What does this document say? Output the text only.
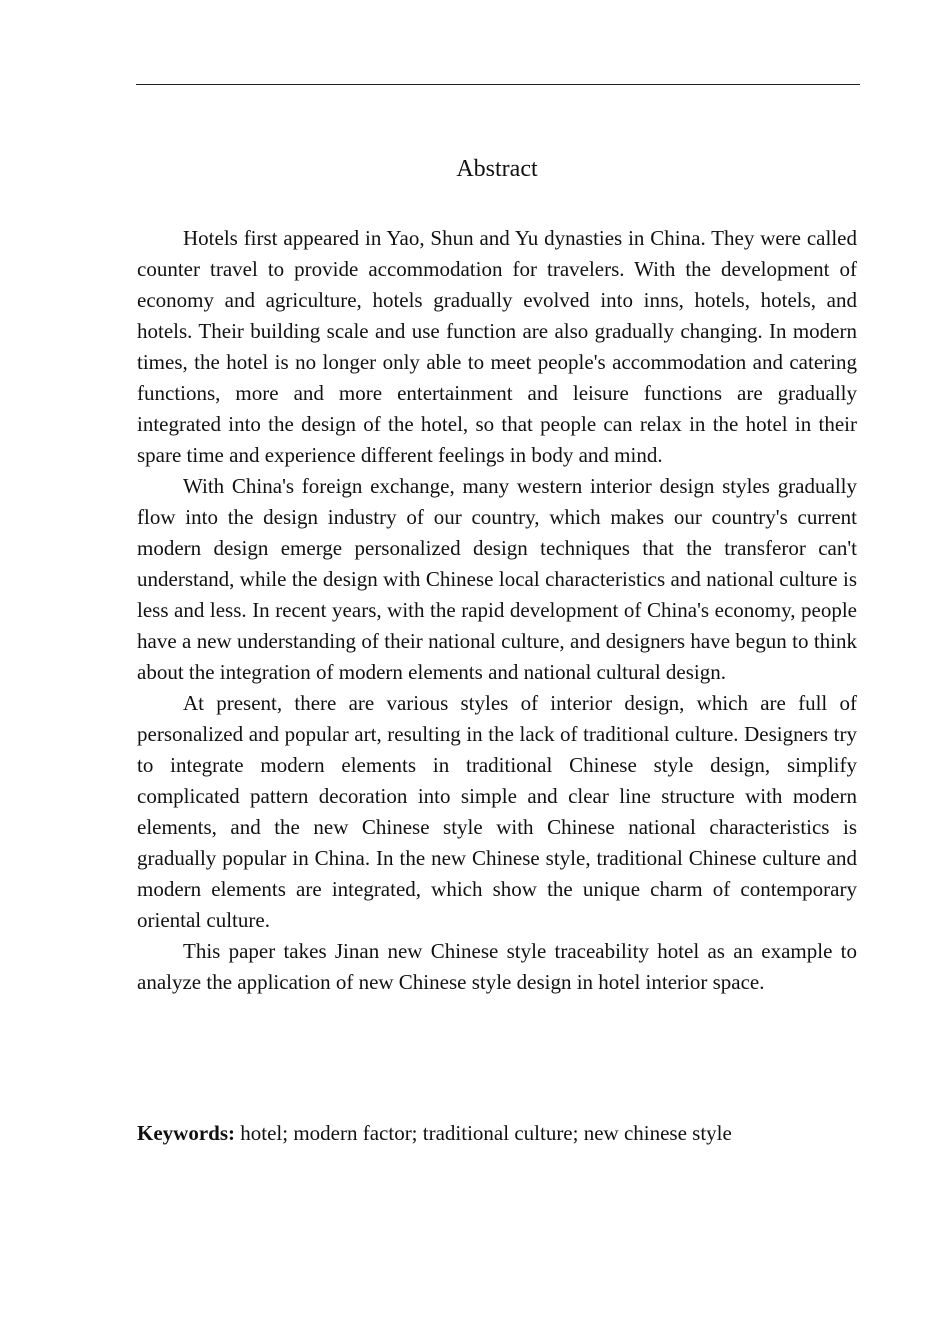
Abstract

Hotels first appeared in Yao, Shun and Yu dynasties in China. They were called counter travel to provide accommodation for travelers. With the development of economy and agriculture, hotels gradually evolved into inns, hotels, hotels, and hotels. Their building scale and use function are also gradually changing. In modern times, the hotel is no longer only able to meet people's accommodation and catering functions, more and more entertainment and leisure functions are gradually integrated into the design of the hotel, so that people can relax in the hotel in their spare time and experience different feelings in body and mind.

With China's foreign exchange, many western interior design styles gradually flow into the design industry of our country, which makes our country's current modern design emerge personalized design techniques that the transferor can't understand, while the design with Chinese local characteristics and national culture is less and less. In recent years, with the rapid development of China's economy, people have a new understanding of their national culture, and designers have begun to think about the integration of modern elements and national cultural design.

At present, there are various styles of interior design, which are full of personalized and popular art, resulting in the lack of traditional culture. Designers try to integrate modern elements in traditional Chinese style design, simplify complicated pattern decoration into simple and clear line structure with modern elements, and the new Chinese style with Chinese national characteristics is gradually popular in China. In the new Chinese style, traditional Chinese culture and modern elements are integrated, which show the unique charm of contemporary oriental culture.

This paper takes Jinan new Chinese style traceability hotel as an example to analyze the application of new Chinese style design in hotel interior space.

Keywords: hotel; modern factor; traditional culture; new chinese style
